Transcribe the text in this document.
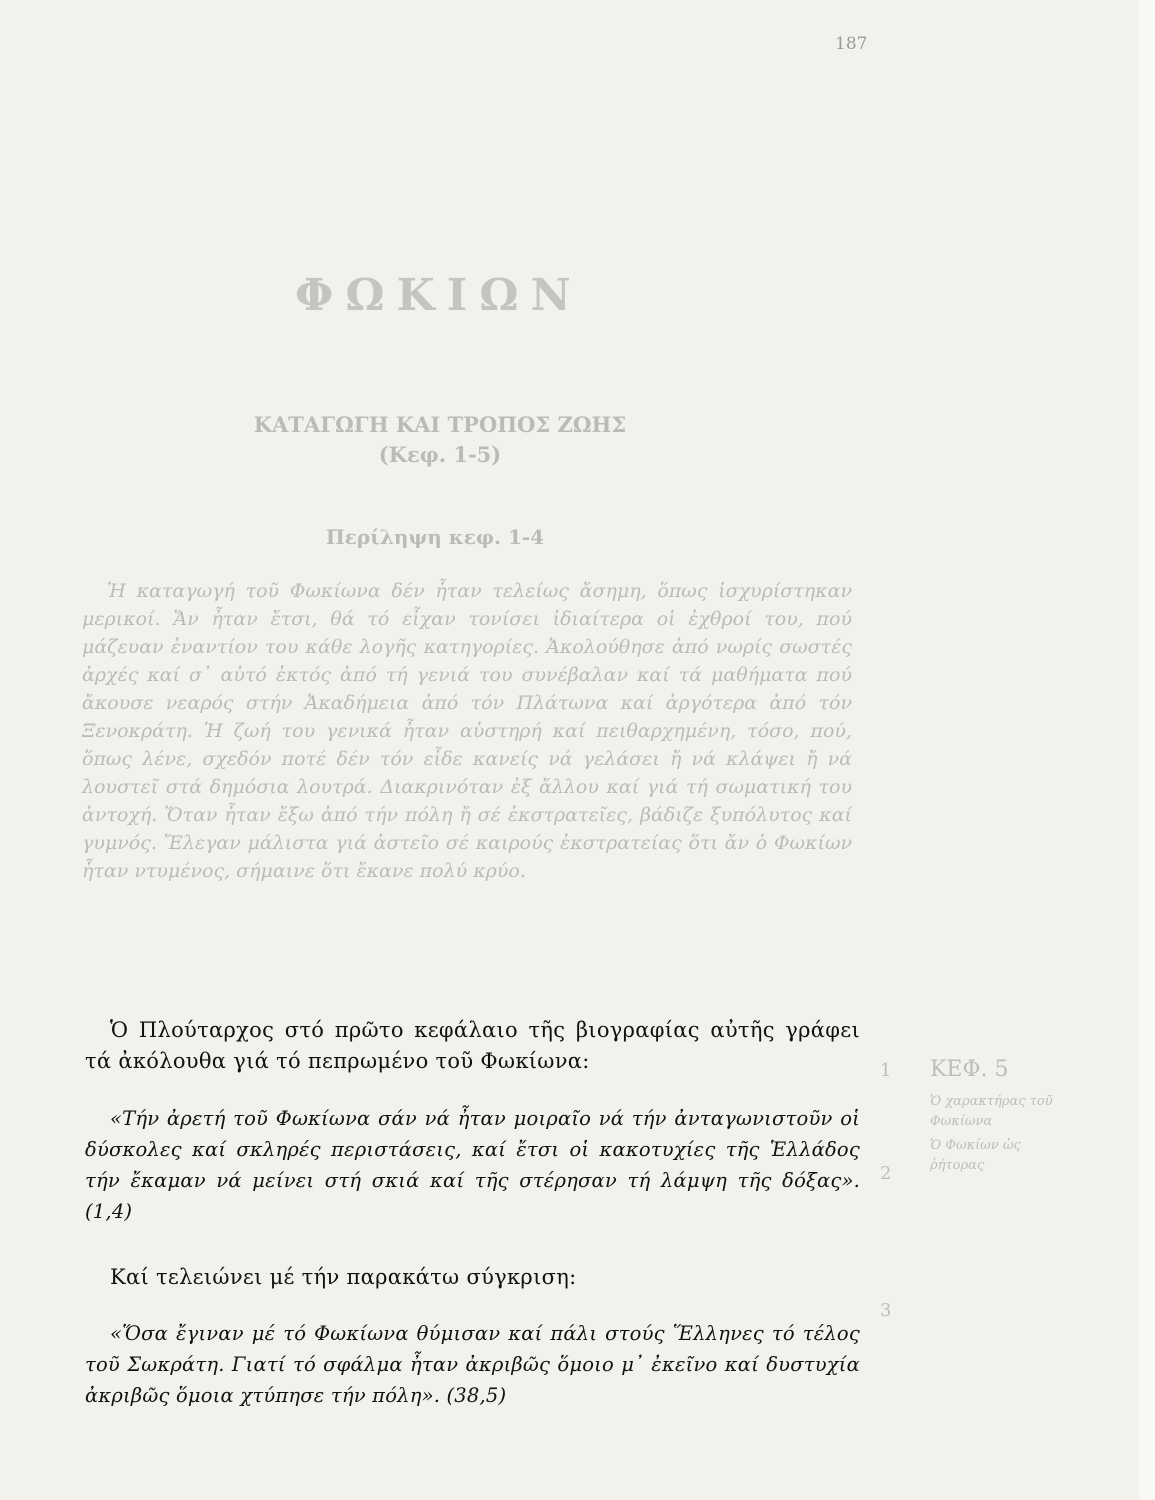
187
ΦΩΚΙΩΝ
ΚΑΤΑΓΩΓΗ ΚΑΙ ΤΡΟΠΟΣ ΖΩΗΣ
(Κεφ. 1-5)
Περίληψη κεφ. 1-4
Ἡ καταγωγή τοῦ Φωκίωνα δέν ἦταν τελείως ἄσημη, ὅπως ἰσχυρίστηκαν μερικοί. Ἄν ἦταν ἔτσι, θά τό εἶχαν τονίσει ἰδιαίτερα οἱ ἐχθροί του, πού μάζευαν ἐναντίον του κάθε λογῆς κατηγορίες. Ἀκολούθησε ἀπό νωρίς σωστές ἀρχές καί σ᾽ αὐτό ἐκτός ἀπό τή γενιά του συνέβαλαν καί τά μαθήματα πού ἄκουσε νεαρός στήν Ἀκαδήμεια ἀπό τόν Πλάτωνα καί ἀργότερα ἀπό τόν Ξενοκράτη. Ἡ ζωή του γενικά ἦταν αὐστηρή καί πειθαρχημένη, τόσο, πού, ὅπως λένε, σχεδόν ποτέ δέν τόν εἶδε κανείς νά γελάσει ἤ νά κλάψει ἤ νά λουστεῖ στά δημόσια λουτρά. Διακρινόταν ἐξ ἄλλου καί γιά τή σωματική του ἀντοχή. Ὅταν ἦταν ἔξω ἀπό τήν πόλη ἤ σέ ἐκστρατεῖες, βάδιζε ξυπόλυτος καί γυμνός. Ἔλεγαν μάλιστα γιά ἀστεῖο σέ καιρούς ἐκστρατείας ὅτι ἄν ὁ Φωκίων ἦταν ντυμένος, σήμαινε ὅτι ἔκανε πολύ κρύο.
1
2
3
ΚΕΦ. 5
Ὁ χαρακτήρας τοῦ Φωκίωνα
Ὁ Φωκίων ὡς ῥήτορας
Ὁ Πλούταρχος στό πρῶτο κεφάλαιο τῆς βιογραφίας αὐτῆς γράφει τά ἀκόλουθα γιά τό πεπρωμένο τοῦ Φωκίωνα:
«Τήν ἀρετή τοῦ Φωκίωνα σάν νά ἦταν μοιραῖο νά τήν ἀνταγωνιστοῦν οἱ δύσκολες καί σκληρές περιστάσεις, καί ἔτσι οἱ κακοτυχίες τῆς Ἑλλάδος τήν ἔκαμαν νά μείνει στή σκιά καί τῆς στέρησαν τή λάμψη τῆς δόξας». (1,4)
Καί τελειώνει μέ τήν παρακάτω σύγκριση:
«Ὅσα ἔγιναν μέ τό Φωκίωνα θύμισαν καί πάλι στούς Ἕλληνες τό τέλος τοῦ Σωκράτη. Γιατί τό σφάλμα ἦταν ἀκριβῶς ὅμοιο μ᾽ ἐκεῖνο καί δυστυχία ἀκριβῶς ὅμοια χτύπησε τήν πόλη». (38,5)
